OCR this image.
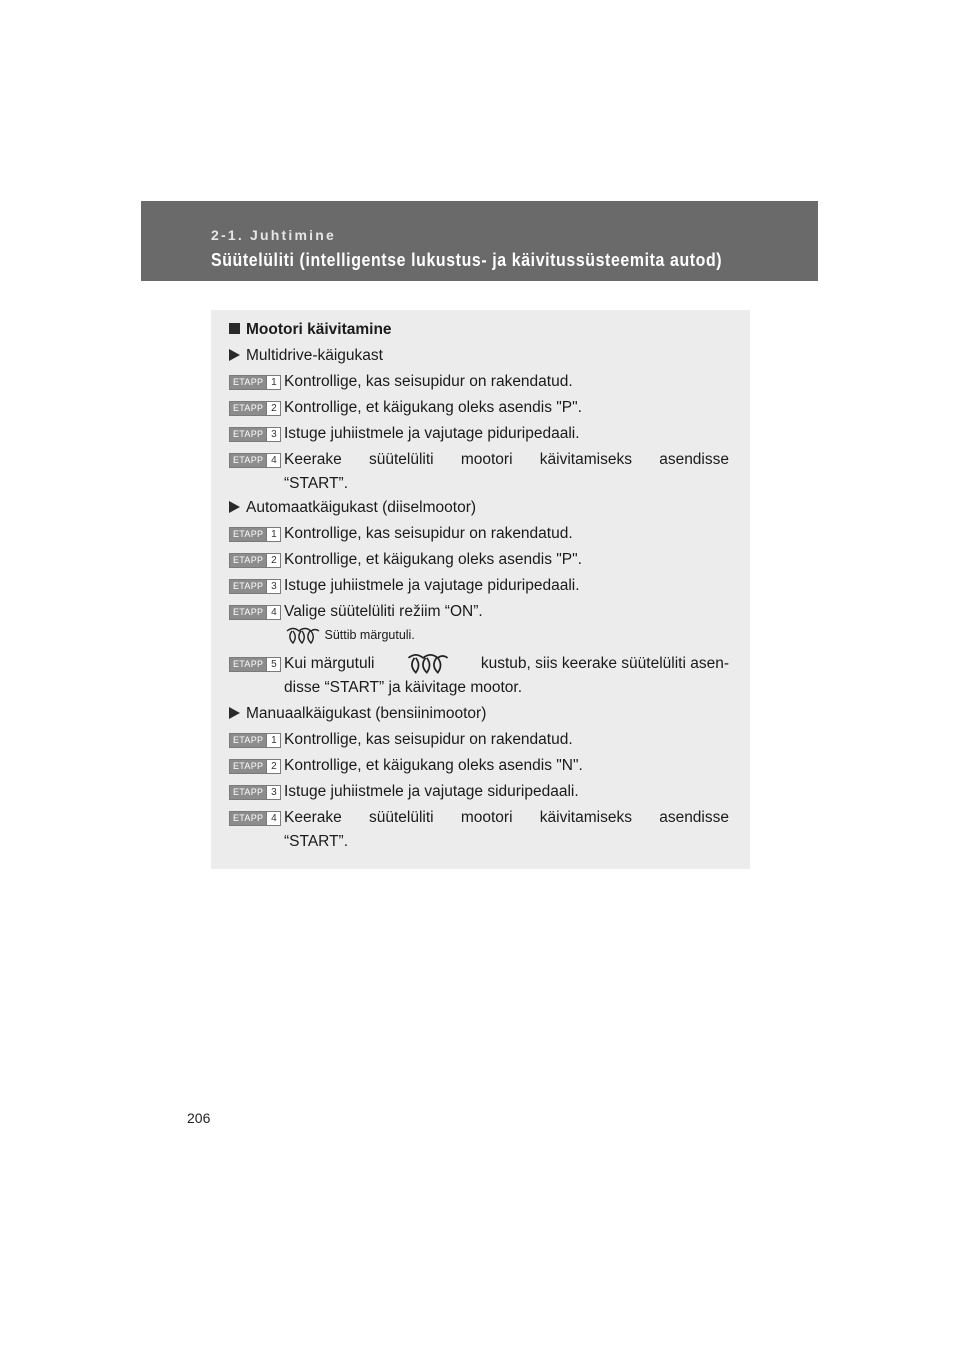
2-1. Juhtimine
Süütelüliti (intelligentse lukustus- ja käivitussüsteemita autod)
Mootori käivitamine
Multidrive-käigukast
ETAPP 1 Kontrollige, kas seisupidur on rakendatud.
ETAPP 2 Kontrollige, et käigukang oleks asendis "P".
ETAPP 3 Istuge juhiistmele ja vajutage piduripedaali.
ETAPP 4 Keerake süütelüliti mootori käivitamiseks asendisse
“START”.
Automaatkäigukast (diiselmootor)
ETAPP 1 Kontrollige, kas seisupidur on rakendatud.
ETAPP 2 Kontrollige, et käigukang oleks asendis "P".
ETAPP 3 Istuge juhiistmele ja vajutage piduripedaali.
ETAPP 4 Valige süütelüliti režiim “ON”.
Süttib märgutuli.
ETAPP 5 Kui märgutuli	kustub, siis keerake süütelüliti asen-
disse “START” ja käivitage mootor.
Manuaalkäigukast (bensiinimootor)
ETAPP 1 Kontrollige, kas seisupidur on rakendatud.
ETAPP 2 Kontrollige, et käigukang oleks asendis "N".
ETAPP 3 Istuge juhiistmele ja vajutage siduripedaali.
ETAPP 4 Keerake süütelüliti mootori käivitamiseks asendisse
“START”.
206
